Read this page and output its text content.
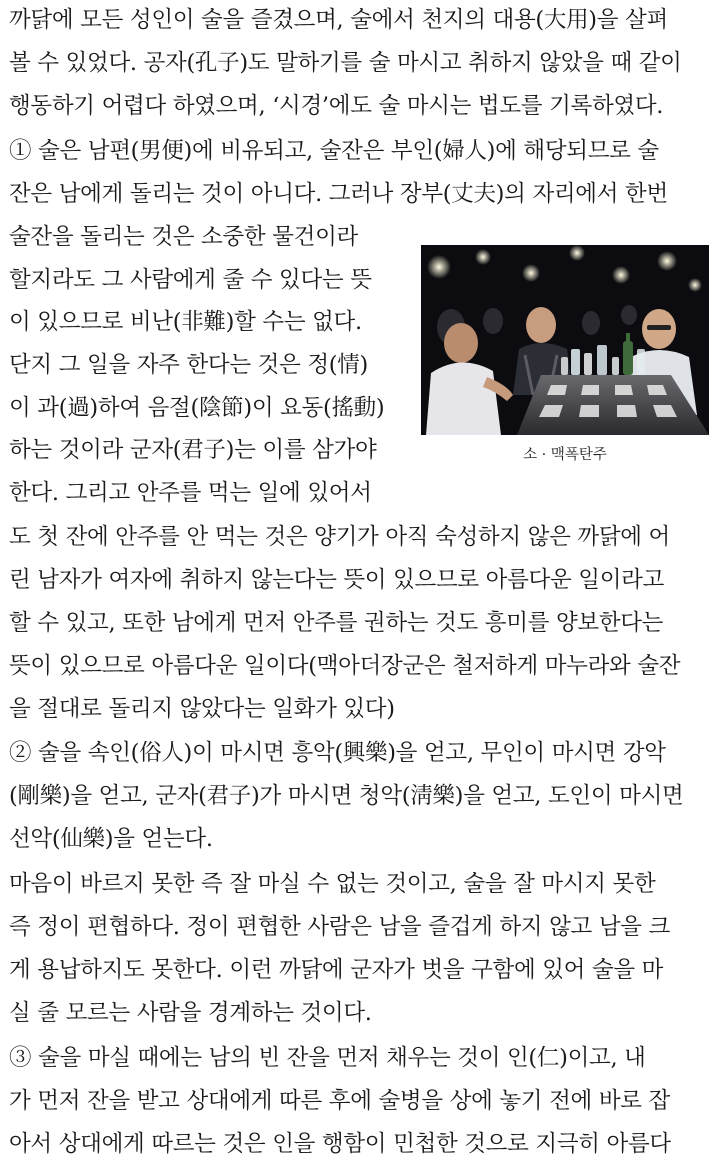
까닭에 모든 성인이 술을 즐겼으며, 술에서 천지의 대용(大用)을 살펴
볼 수 있었다. 공자(孔子)도 말하기를 술 마시고 취하지 않았을 때 같이
행동하기 어렵다 하였으며, ‘시경’에도 술 마시는 법도를 기록하였다.
① 술은 남편(男便)에 비유되고, 술잔은 부인(婦人)에 해당되므로 술
잔은 남에게 돌리는 것이 아니다. 그러나 장부(丈夫)의 자리에서 한번
술잔을 돌리는 것은 소중한 물건이라
할지라도 그 사람에게 줄 수 있다는 뜻
이 있으므로 비난(非難)할 수는 없다.
단지 그 일을 자주 한다는 것은 정(情)
이 과(過)하여 음절(陰節)이 요동(搖動)
하는 것이라 군자(君子)는 이를 삼가야
한다. 그리고 안주를 먹는 일에 있어서
도 첫 잔에 안주를 안 먹는 것은 양기가 아직 숙성하지 않은 까닭에 어
린 남자가 여자에 취하지 않는다는 뜻이 있으므로 아름다운 일이라고
할 수 있고, 또한 남에게 먼저 안주를 권하는 것도 흥미를 양보한다는
뜻이 있으므로 아름다운 일이다(맥아더장군은 철저하게 마누라와 술잔
을 절대로 돌리지 않았다는 일화가 있다)
② 술을 속인(俗人)이 마시면 흥악(興樂)을 얻고, 무인이 마시면 강악
(剛樂)을 얻고, 군자(君子)가 마시면 청악(淸樂)을 얻고, 도인이 마시면
선악(仙樂)을 얻는다.
마음이 바르지 못한 즉 잘 마실 수 없는 것이고, 술을 잘 마시지 못한
즉 정이 편협하다. 정이 편협한 사람은 남을 즐겁게 하지 않고 남을 크
게 용납하지도 못한다. 이런 까닭에 군자가 벗을 구함에 있어 술을 마
실 줄 모르는 사람을 경계하는 것이다.
③ 술을 마실 때에는 남의 빈 잔을 먼저 채우는 것이 인(仁)이고, 내
가 먼저 잔을 받고 상대에게 따른 후에 술병을 상에 놓기 전에 바로 잡
아서 상대에게 따르는 것은 인을 행함이 민첩한 것으로 지극히 아름다
소 · 맥폭탄주
